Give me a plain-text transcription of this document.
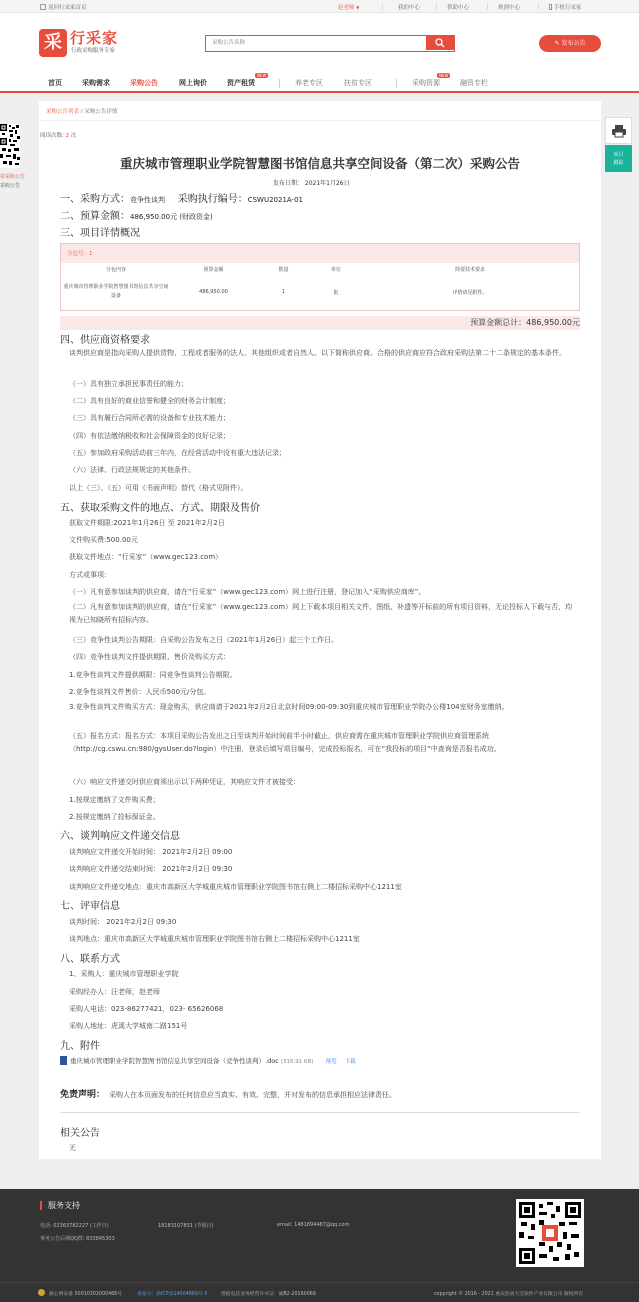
返回行采家首页	赵老师 ▼	我的中心	帮助中心	规则中心	手机行采家
采 行采家
行政采购服务专家
采购公告名称
✎ 发布公告
首页	采购需求	采购公告	网上询价	资产租赁
NEW
养老专区	扶贫专区	采购资源
NEW
融资专栏
采购公告列表 / 采购公告详情
阅读次数: 2 次
重庆城市管理职业学院智慧图书馆信息共享空间设备（第二次）采购公告
发布日期： 2021年1月26日
一、采购方式：竞争性谈判 采购执行编号：CSWU2021A-01
二、预算金额：486,950.00元 (财政资金)
三、项目详情概况
分包号：1
分包内容	预算金额	数量	单位	简要技术要求
重庆城市管理职业学院智慧图书馆信息共享空间设备	486,950.00	1	批	详情请见附件。
预算金额总计：486,950.00元
四、供应商资格要求
谈判供应商是指向采购人提供货物、工程或者服务的法人、其他组织或者自然人。以下简称供应商。合格的供应商应符合政府采购法第二十二条规定的基本条件。
（一）具有独立承担民事责任的能力；
（二）具有良好的商业信誉和健全的财务会计制度；
（三）具有履行合同所必需的设备和专业技术能力；
（四）有依法缴纳税收和社会保障资金的良好记录；
（五）参加政府采购活动前三年内，在经营活动中没有重大违法记录；
（六）法律、行政法规规定的其他条件。
以上（三）、（五）可用《书面声明》替代（格式见附件）。
五、获取采购文件的地点、方式、期限及售价
获取文件期限:2021年1月26日 至 2021年2月2日
文件购买费:500.00元
获取文件地点：“行采家”（www.gec123.com）
方式或事项：
（一）凡有意参加谈判的供应商，请在“行采家”（www.gec123.com）网上进行注册，登记加入“采购供应商库”。
（二）凡有意参加谈判的供应商，请在“行采家”（www.gec123.com）网上下载本项目相关文件、图纸、补遗等开标前的所有项目资料，无论投标人下载与否，均视为已知晓所有招标内容。
（三）竞争性谈判公告期限：自采购公告发布之日（2021年1月26日）起三个工作日。
（四）竞争性谈判文件提供期限、售价及购买方式：
1.竞争性谈判文件提供期限：同竞争性谈判公告期限。
2.竞争性谈判文件售价：人民币500元/分包。
3.竞争性谈判文件购买方式：现金购买，供应商请于2021年2月2日北京时间09:00-09:30到重庆城市管理职业学院办公楼104室财务室缴纳。
（五）报名方式：报名方式：本项目采购公告发出之日至谈判开始时间前半小时截止，供应商需在重庆城市管理职业学院供应商管理系统（http://cg.cswu.cn:980/gysUser.do?login）中注册，登录后填写项目编号，完成投标报名，可在“我投标的项目”中查询是否报名成功。
（六）响应文件递交时供应商须出示以下两种凭证，其响应文件才被接受：
1.按规定缴纳了文件购买费；
2.按规定缴纳了投标保证金。
六、谈判响应文件递交信息
谈判响应文件递交开始时间： 2021年2月2日 09:00
谈判响应文件递交结束时间： 2021年2月2日 09:30
谈判响应文件递交地点：重庆市高新区大学城重庆城市管理职业学院图书馆右侧上二楼招标采购中心1211室
七、评审信息
谈判时间： 2021年2月2日 09:30
谈判地点：重庆市高新区大学城重庆城市管理职业学院图书馆右侧上二楼招标采购中心1211室
八、联系方式
1、采购人：重庆城市管理职业学院
采购经办人：汪老师，赵老师
采购人电话：023-86277421，023- 65626068
采购人地址：虎溪大学城南二路151号
九、附件
重庆城市管理职业学院智慧图书馆信息共享空间设备（竞争性谈判）.doc (316.91 KB) 预览 下载
免责声明： 采购人在本页面发布的任何信息应当真实、有效、完整，并对发布的信息承担相应法律责任。
相关公告
无
看采购公告
采购公告
项目
跟踪
服务支持
电话: 02363782227 (工作日)	18183107831 (节假日)	email: 1481894487@qq.com
事务公告后期QQ群: 833845303
渝公网安备 50010302000466号	备案号：渝ICP备14004869号-5	增值电信业务经营许可证：渝B2-20160069	copyright © 2016 - 2021 重庆浩雨大宝软件产业有限公司 版权所有
